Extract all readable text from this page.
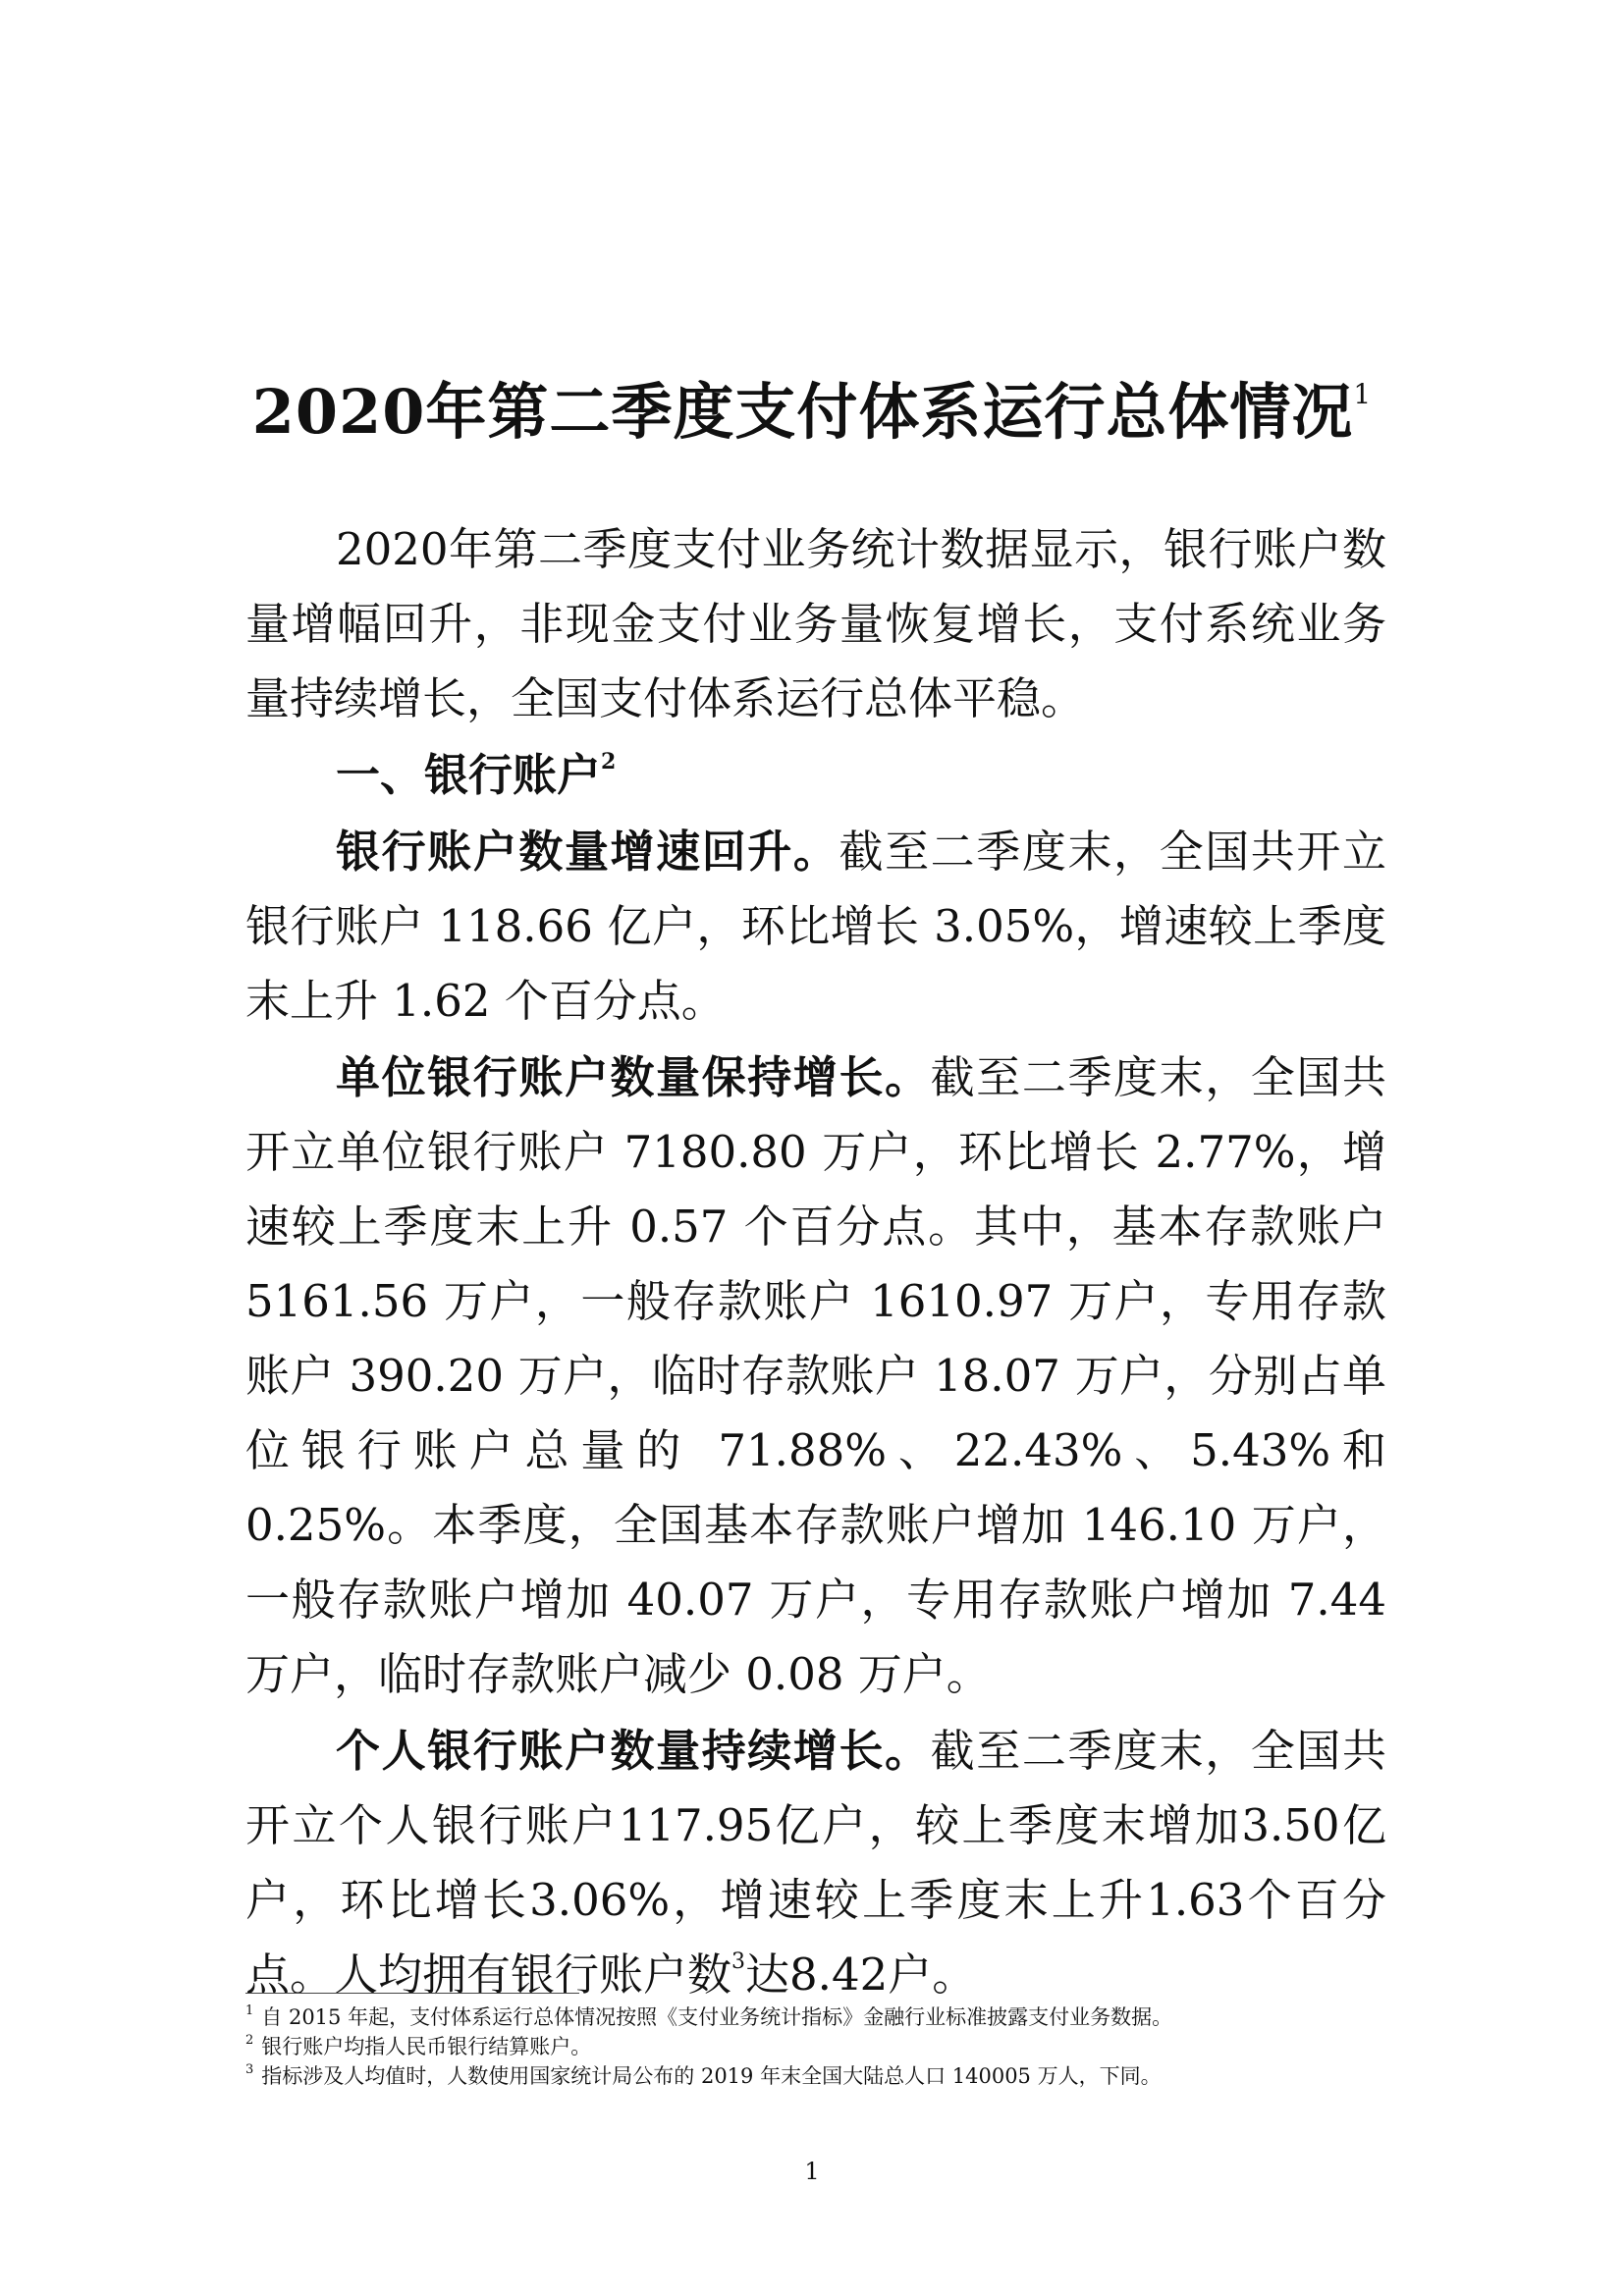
2020年第二季度支付体系运行总体情况$^1$

2020年第二季度支付业务统计数据显示，银行账户数量增幅回升，非现金支付业务量恢复增长，支付系统业务量持续增长，全国支付体系运行总体平稳。

一、银行账户$^2$

银行账户数量增速回升。截至二季度末，全国共开立银行账户 118.66 亿户，环比增长 3.05%，增速较上季度末上升 1.62 个百分点。

单位银行账户数量保持增长。截至二季度末，全国共开立单位银行账户 7180.80 万户，环比增长 2.77%，增速较上季度末上升 0.57 个百分点。其中，基本存款账户 5161.56 万户，一般存款账户 1610.97 万户，专用存款账户 390.20 万户，临时存款账户 18.07 万户，分别占单位银行账户总量的 71.88%、22.43%、5.43%和 0.25%。本季度，全国基本存款账户增加 146.10 万户，一般存款账户增加 40.07 万户，专用存款账户增加 7.44 万户，临时存款账户减少 0.08 万户。

个人银行账户数量持续增长。截至二季度末，全国共开立个人银行账户117.95亿户，较上季度末增加3.50亿户，环比增长3.06%，增速较上季度末上升1.63个百分点。人均拥有银行账户数$^3$达8.42户。

$^1$ 自 2015 年起，支付体系运行总体情况按照《支付业务统计指标》金融行业标准披露支付业务数据。

$^2$ 银行账户均指人民币银行结算账户。

$^3$ 指标涉及人均值时，人数使用国家统计局公布的 2019 年末全国大陆总人口 140005 万人，下同。

1
